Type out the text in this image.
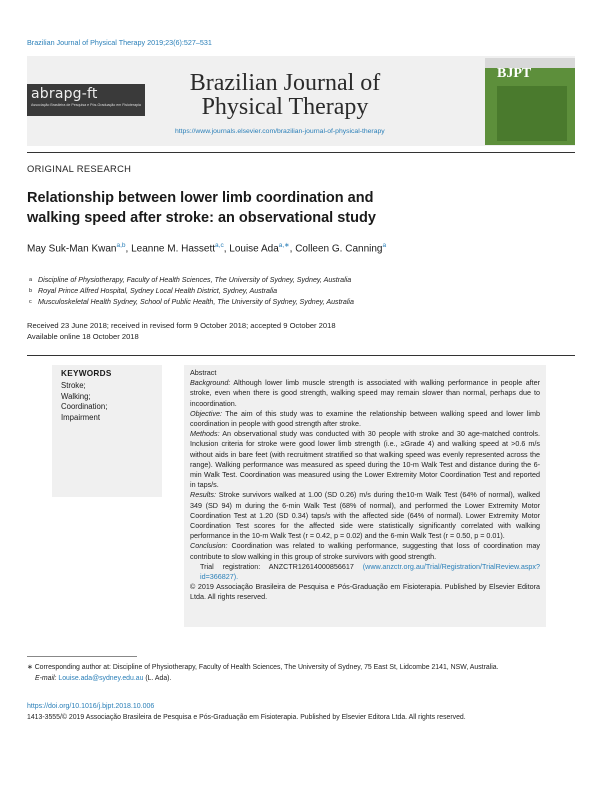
Brazilian Journal of Physical Therapy 2019;23(6):527–531
abrapg-ft
Associação Brasileira de Pesquisa e Pós-Graduação em Fisioterapia
Brazilian Journal of
Physical Therapy
https://www.journals.elsevier.com/brazilian-journal-of-physical-therapy
BJPT
ORIGINAL RESEARCH
Relationship between lower limb coordination and
walking speed after stroke: an observational study
May Suk-Man Kwan$^{a,b}$, Leanne M. Hassett$^{a,c}$, Louise Ada$^{a,∗}$, Colleen G. Canning$^a$
a Discipline of Physiotherapy, Faculty of Health Sciences, The University of Sydney, Sydney, Australia
b Royal Prince Alfred Hospital, Sydney Local Health District, Sydney, Australia
c Musculoskeletal Health Sydney, School of Public Health, The University of Sydney, Sydney, Australia
Received 23 June 2018; received in revised form 9 October 2018; accepted 9 October 2018
Available online 18 October 2018
KEYWORDS
Stroke;
Walking;
Coordination;
Impairment

Abstract

Background: Although lower limb muscle strength is associated with walking performance in people after stroke, even when there is good strength, walking speed may remain slower than normal, perhaps due to incoordination.

Objective: The aim of this study was to examine the relationship between walking speed and lower limb coordination in people with good strength after stroke.

Methods: An observational study was conducted with 30 people with stroke and 30 age-matched controls. Inclusion criteria for stroke were good lower limb strength (i.e., ≥Grade 4) and walking speed at >0.6 m/s without aids in bare feet (with recruitment stratified so that walking speed was evenly represented across the range). Walking performance was measured as speed during the 10-m Walk Test and distance during the 6-min Walk Test. Coordination was measured using the Lower Extremity Motor Coordination Test and reported in taps/s.

Results: Stroke survivors walked at 1.00 (SD 0.26) m/s during the10-m Walk Test (64% of normal), walked 349 (SD 94) m during the 6-min Walk Test (68% of normal), and performed the Lower Extremity Motor Coordination Test at 1.20 (SD 0.34) taps/s with the affected side (64% of normal). Lower Extremity Motor Coordination Test scores for the affected side were statistically significantly correlated with walking performance in the 10-m Walk Test (r = 0.42, p = 0.02) and the 6-min Walk Test (r = 0.50, p = 0.01).

Conclusion: Coordination was related to walking performance, suggesting that loss of coordination may contribute to slow walking in this group of stroke survivors with good strength.

Trial registration: ANZCTR12614000856617 (www.anzctr.org.au/Trial/Registration/TrialReview.aspx?id=366827).

© 2019 Associação Brasileira de Pesquisa e Pós-Graduação em Fisioterapia. Published by Elsevier Editora Ltda. All rights reserved.

∗ Corresponding author at: Discipline of Physiotherapy, Faculty of Health Sciences, The University of Sydney, 75 East St, Lidcombe 2141, NSW, Australia.
E-mail: Louise.ada@sydney.edu.au (L. Ada).
https://doi.org/10.1016/j.bjpt.2018.10.006
1413-3555/© 2019 Associação Brasileira de Pesquisa e Pós-Graduação em Fisioterapia. Published by Elsevier Editora Ltda. All rights reserved.
